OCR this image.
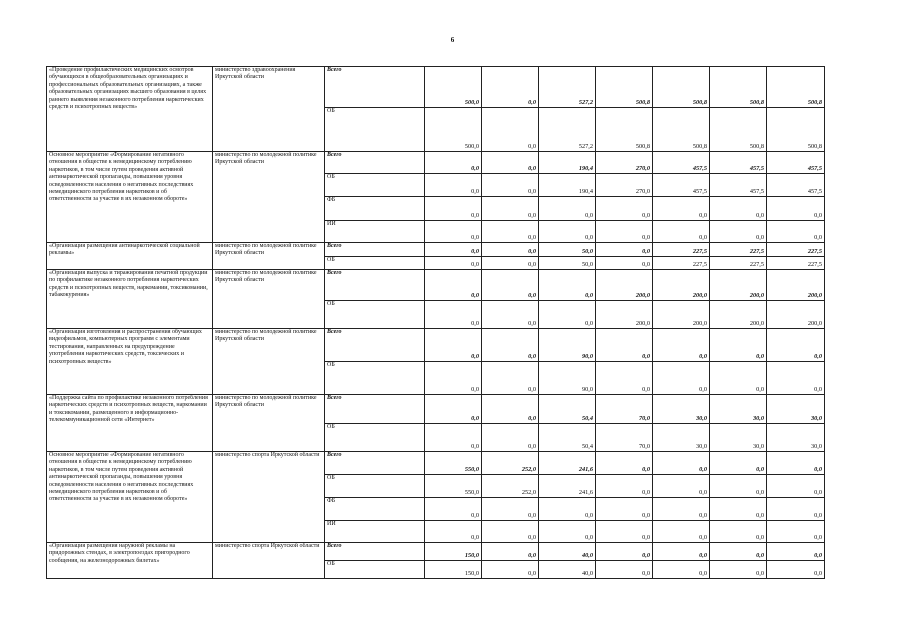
6
«Проведение профилактических медицинских осмотров обучающихся в общеобразовательных организациях и профессиональных образовательных организациях, а также образовательных организациях высшего образования в целях раннего выявления незаконного потребления наркотических средств и психотропных веществ»	министерство здравоохранения Иркутской области	Всего	500,0	0,0	527,2	500,8	500,8	500,8	500,8
		ОБ	500,0	0,0	527,2	500,8	500,8	500,8	500,8
Основное мероприятие «Формирование негативного отношения в обществе к немедицинскому потреблению наркотиков, в том числе путем проведения активной антинаркотической пропаганды, повышения уровня осведомленности населения о негативных последствиях немедицинского потребления наркотиков и об ответственности за участие в их незаконном обороте»	министерство по молодежной политике Иркутской области	Всего	0,0	0,0	190,4	270,0	457,5	457,5	457,5
		ОБ	0,0	0,0	190,4	270,0	457,5	457,5	457,5
		ФБ	0,0	0,0	0,0	0,0	0,0	0,0	0,0
		ИИ	0,0	0,0	0,0	0,0	0,0	0,0	0,0
«Организация размещения антинаркотической социальной рекламы»	министерство по молодежной политике Иркутской области	Всего	0,0	0,0	50,0	0,0	227,5	227,5	227,5
		ОБ	0,0	0,0	50,0	0,0	227,5	227,5	227,5
«Организация выпуска и тиражирования печатной продукции по профилактике незаконного потребления наркотических средств и психотропных веществ, наркомании, токсикомании, табакокурения»	министерство по молодежной политике Иркутской области	Всего	0,0	0,0	0,0	200,0	200,0	200,0	200,0
		ОБ	0,0	0,0	0,0	200,0	200,0	200,0	200,0
«Организация изготовления и распространения обучающих видеофильмов, компьютерных программ с элементами тестирования, направленных на предупреждение употребления наркотических средств, токсических и психотропных веществ»	министерство по молодежной политике Иркутской области	Всего	0,0	0,0	90,0	0,0	0,0	0,0	0,0
		ОБ	0,0	0,0	90,0	0,0	0,0	0,0	0,0
«Поддержка сайта по профилактике незаконного потребления наркотических средств и психотропных веществ, наркомании и токсикомании, размещенного в информационно-телекоммуникационной сети «Интернет»	министерство по молодежной политике Иркутской области	Всего	0,0	0,0	50,4	70,0	30,0	30,0	30,0
		ОБ	0,0	0,0	50,4	70,0	30,0	30,0	30,0
Основное мероприятие «Формирование негативного отношения в обществе к немедицинскому потреблению наркотиков, в том числе путем проведения активной антинаркотической пропаганды, повышения уровня осведомленности населения о негативных последствиях немедицинского потребления наркотиков и об ответственности за участие в их незаконном обороте»	министерство спорта Иркутской области	Всего	550,0	252,0	241,6	0,0	0,0	0,0	0,0
		ОБ	550,0	252,0	241,6	0,0	0,0	0,0	0,0
		ФБ	0,0	0,0	0,0	0,0	0,0	0,0	0,0
		ИИ	0,0	0,0	0,0	0,0	0,0	0,0	0,0
«Организация размещения наружной рекламы на придорожных стендах, в электропоездах пригородного сообщения, на железнодорожных билетах»	министерство спорта Иркутской области	Всего	150,0	0,0	40,0	0,0	0,0	0,0	0,0
		ОБ	150,0	0,0	40,0	0,0	0,0	0,0	0,0
